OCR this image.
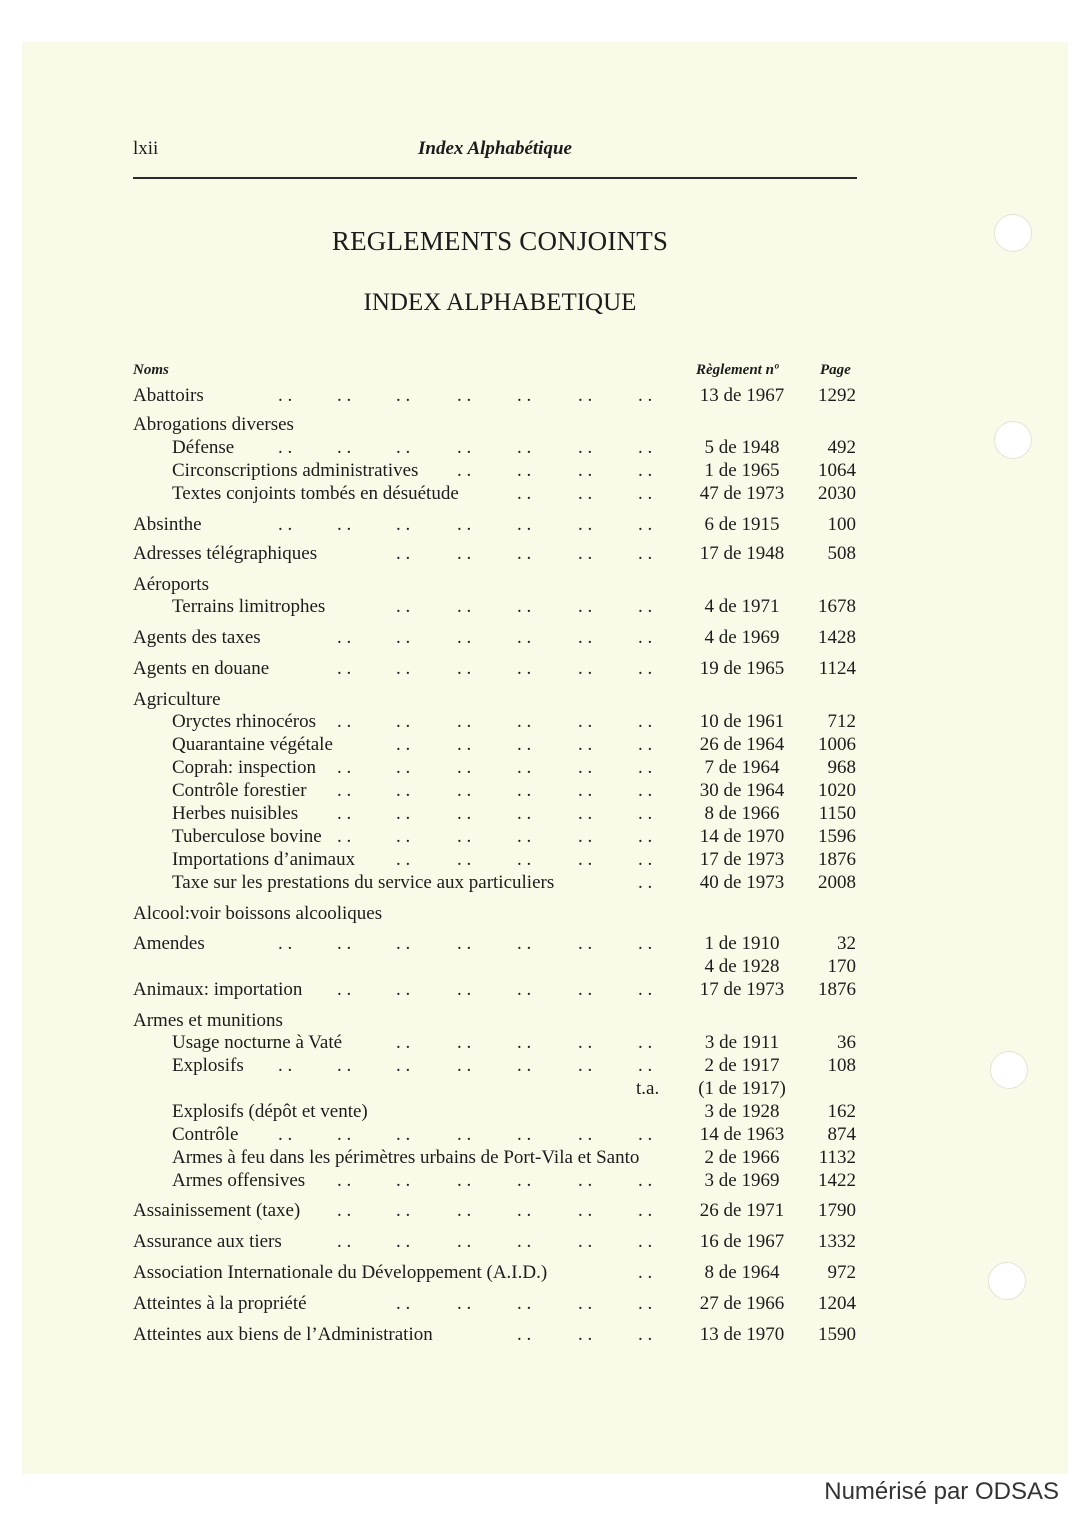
lxii	Index Alphabétique
REGLEMENTS CONJOINTS
INDEX ALPHABETIQUE
Noms	Règlement nº	Page
Abattoirs	. . . . . . . . . . . . . .	13 de 1967	1292
Abrogations diverses
Défense . . . . . . . . . . . . . .	5 de 1948	492
Circonscriptions administratives . . . . . . . .	1 de 1965	1064
Textes conjoints tombés en désuétude	. . . . . .	47 de 1973	2030
Absinthe	. . . . . . . . . . . . . .	6 de 1915	100
Adresses télégraphiques	. . . . . . . . . .	17 de 1948	508
Aéroports
Terrains limitrophes	. . . . . . . . . .	4 de 1971	1678
Agents des taxes	. . . . . . . . . . . .	4 de 1969	1428
Agents en douane	. . . . . . . . . . . .	19 de 1965	1124
Agriculture
Oryctes rhinocéros . . . . . . . . . . . .	10 de 1961	712
Quarantaine végétale	. . . . . . . . . .	26 de 1964	1006
Coprah: inspection . . . . . . . . . . . .	7 de 1964	968
Contrôle forestier . . . . . . . . . . . .	30 de 1964	1020
Herbes nuisibles . . . . . . . . . . . .	8 de 1966	1150
Tuberculose bovine . . . . . . . . . . . .	14 de 1970	1596
Importations d’animaux . . . . . . . . . .	17 de 1973	1876
Taxe sur les prestations du service aux particuliers	. .	40 de 1973	2008
Alcool:voir boissons alcooliques
Amendes	. . . . . . . . . . . . . .	1 de 1910	32
4 de 1928	170
Animaux: importation . . . . . . . . . . . .	17 de 1973	1876
Armes et munitions
Usage nocturne à Vaté	. . . . . . . . . .	3 de 1911	36
Explosifs . . . . . . . . . . . . . .	2 de 1917	108
t.a.	(1 de 1917)
Explosifs (dépôt et vente)	3 de 1928	162
Contrôle . . . . . . . . . . . . . .	14 de 1963	874
Armes à feu dans les périmètres urbains de Port-Vila et Santo	2 de 1966	1132
Armes offensives . . . . . . . . . . . .	3 de 1969	1422
Assainissement (taxe) . . . . . . . . . . . .	26 de 1971	1790
Assurance aux tiers	. . . . . . . . . . . .	16 de 1967	1332
Association Internationale du Développement (A.I.D.)	. .	8 de 1964	972
Atteintes à la propriété	. . . . . . . . . .	27 de 1966	1204
Atteintes aux biens de l’Administration	. . . . . .	13 de 1970	1590
Numérisé par ODSAS
